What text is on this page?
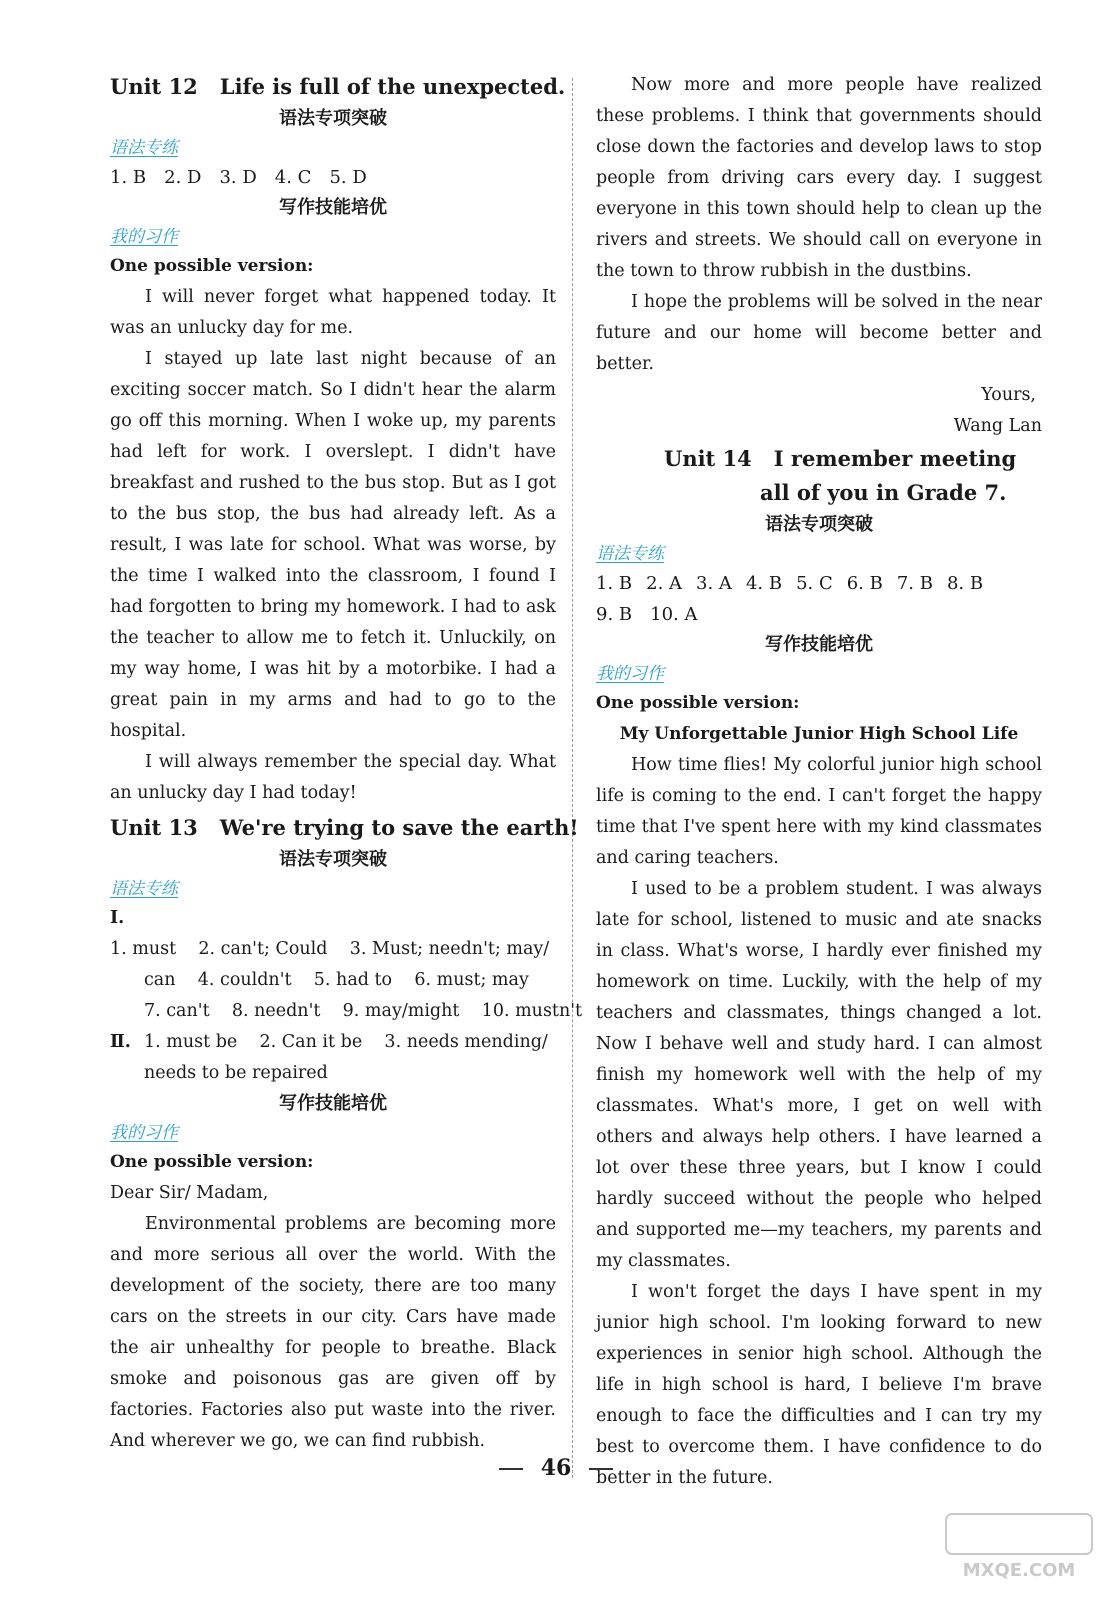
Unit 12 Life is full of the unexpected.
语法专项突破
语法专练
1. B 2. D 3. D 4. C 5. D
写作技能培优
我的习作
One possible version:

I will never forget what happened today. It was an unlucky day for me.

I stayed up late last night because of an exciting soccer match. So I didn't hear the alarm go off this morning. When I woke up, my parents had left for work. I overslept. I didn't have breakfast and rushed to the bus stop. But as I got to the bus stop, the bus had already left. As a result, I was late for school. What was worse, by the time I walked into the classroom, I found I had forgotten to bring my homework. I had to ask the teacher to allow me to fetch it. Unluckily, on my way home, I was hit by a motorbike. I had a great pain in my arms and had to go to the hospital.

I will always remember the special day. What an unlucky day I had today!

Unit 13 We're trying to save the earth!
语法专项突破
语法专练
Ⅰ.1. must    2. can't; Could    3. Must; needn't; may/
can    4. couldn't    5. had to    6. must; may
7. can't    8. needn't    9. may/might    10. mustn't
Ⅱ. 1. must be    2. Can it be    3. needs mending/
needs to be repaired
写作技能培优
我的习作
One possible version:

Dear Sir/ Madam,

Environmental problems are becoming more and more serious all over the world. With the development of the society, there are too many cars on the streets in our city. Cars have made the air unhealthy for people to breathe. Black smoke and poisonous gas are given off by factories. Factories also put waste into the river. And wherever we go, we can find rubbish.

Now more and more people have realized these problems. I think that governments should close down the factories and develop laws to stop people from driving cars every day. I suggest everyone in this town should help to clean up the rivers and streets. We should call on everyone in the town to throw rubbish in the dustbins.

I hope the problems will be solved in the near future and our home will become better and better.

Yours,
Wang Lan
Unit 14 I remember meeting
all of you in Grade 7.
语法专项突破
语法专练
1. B 2. A 3. A 4. B 5. C 6. B 7. B 8. B
9. B 10. A
写作技能培优
我的习作
One possible version:
My Unforgettable Junior High School Life

How time flies! My colorful junior high school life is coming to the end. I can't forget the happy time that I've spent here with my kind classmates and caring teachers.

I used to be a problem student. I was always late for school, listened to music and ate snacks in class. What's worse, I hardly ever finished my homework on time. Luckily, with the help of my teachers and classmates, things changed a lot. Now I behave well and study hard. I can almost finish my homework well with the help of my classmates. What's more, I get on well with others and always help others. I have learned a lot over these three years, but I know I could hardly succeed without the people who helped and supported me—my teachers, my parents and my classmates.

I won't forget the days I have spent in my junior high school. I'm looking forward to new experiences in senior high school. Although the life in high school is hard, I believe I'm brave enough to face the difficulties and I can try my best to overcome them. I have confidence to do better in the future.

46
MXQE.COM
